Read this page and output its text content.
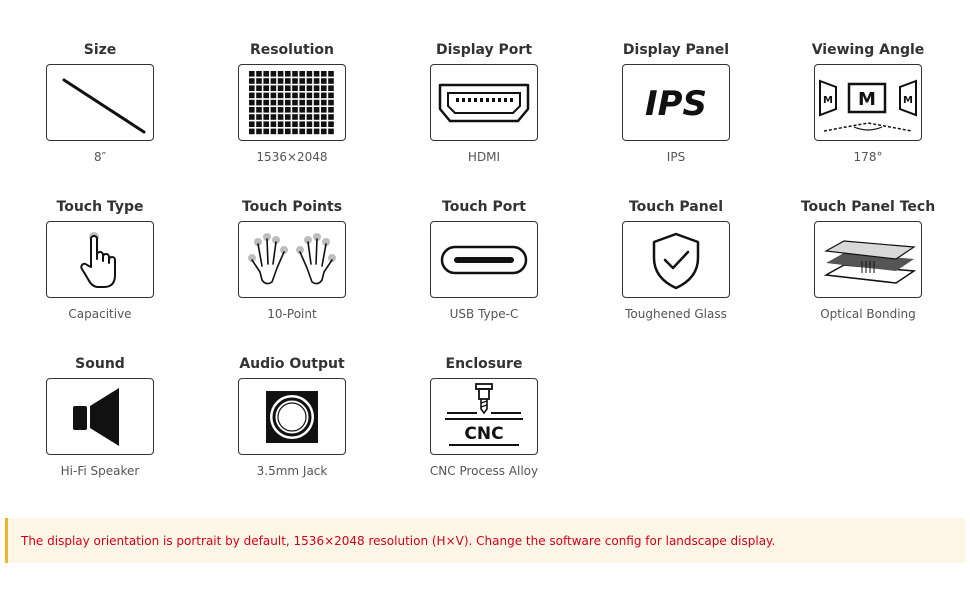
Size
8″
Resolution
1536×2048
Display Port
HDMI
Display Panel
IPS
IPS
Viewing Angle
M M	M
178°
Touch Type
Capacitive
Touch Points
10-Point
Touch Port
USB Type-C
Touch Panel
Toughened Glass
Touch Panel Tech
Optical Bonding
Sound
Hi-Fi Speaker
Audio Output
3.5mm Jack
Enclosure
CNC
CNC Process Alloy
The display orientation is portrait by default, 1536×2048 resolution (H×V). Change the software config for landscape display.
